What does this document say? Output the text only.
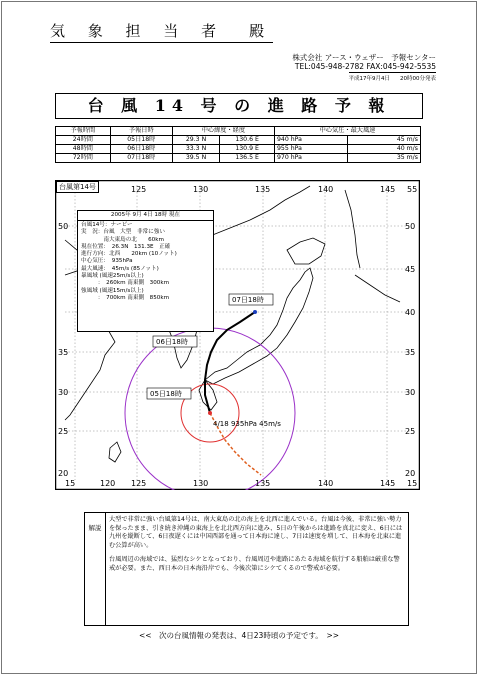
気 象 担 当 者　殿
株式会社 アース・ウェザー　予報センター
TEL:045-948-2782 FAX:045-942-5535
平成17年9月4日 20時00分発表
台 風 14 号 の 進 路 予 報
予報時間	予報日時	中心緯度・経度		中心気圧・最大風速	
24時間	05日18時	29.3 N	130.6 E	940 hPa	45 m/s
48時間	06日18時	33.3 N	130.9 E	955 hPa	40 m/s
72時間	07日18時	39.5 N	136.5 E	970 hPa	35 m/s
15	120 125	130	135	140	145 15
125	130	135	140	145 55
50
35
30
25
20
50
45
40
35
30
25
20
07日18時
06日18時
05日18時
4/18 935hPa 45m/s
台風第14号
2005年 9月 4日 18時 現在
台風14号：ナービー
実　況：台風　大型　非常に強い
　　　　南大東島の北　　60km
現在位置：　26.3N　131.3E　正確
進行方向：北西　　20km (10ノット)
中心気圧：　935hPa
最大風速：　45m/s (85ノット)
暴風域 (風速25m/s以上)
　　　：　260km 南東側　300km
強風域 (風速15m/s以上)
　　　：　700km 南東側　850km
解説

大型で非常に強い台風第14号は、南大東島の北の海上を北西に進んでいる。台風は今後、非常に強い勢力を保ったまま、引き続き沖縄の東海上を北北西方向に進み、5日の午後からは進路を真北に変え、6日には九州を縦断して、6日夜遅くには中国西部を通って日本海に達し、7日は速度を増して、日本海を北東に進む公算が高い。

台風周辺の海域では、猛烈なシケとなっており、台風周辺や進路にあたる海域を航行する船舶は厳重な警戒が必要。また、西日本の日本海沿岸でも、今後次第にシケてくるので警戒が必要。

<<　次の台風情報の発表は、4日23時頃の予定です。　>>
